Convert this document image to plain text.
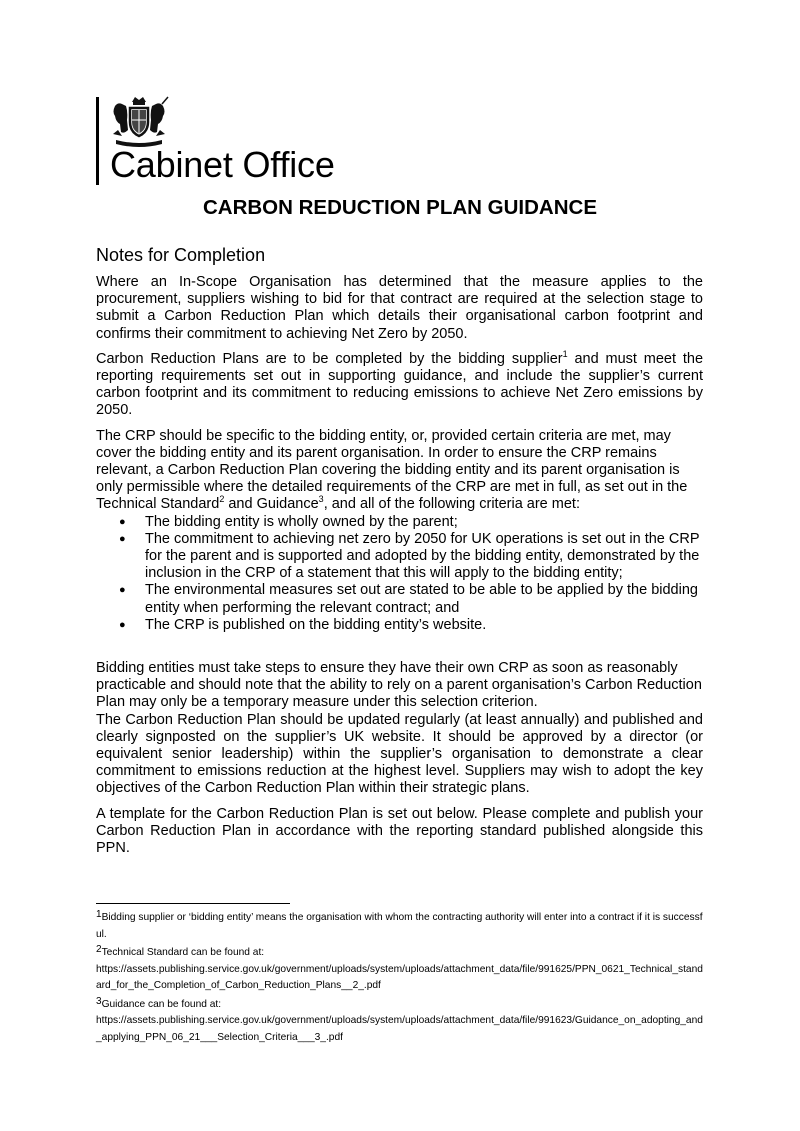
Cabinet Office
CARBON REDUCTION PLAN GUIDANCE
Notes for Completion

Where an In-Scope Organisation has determined that the measure applies to the procurement, suppliers wishing to bid for that contract are required at the selection stage to submit a Carbon Reduction Plan which details their organisational carbon footprint and confirms their commitment to achieving Net Zero by 2050.

Carbon Reduction Plans are to be completed by the bidding supplier$^1$ and must meet the reporting requirements set out in supporting guidance, and include the supplier’s current carbon footprint and its commitment to reducing emissions to achieve Net Zero emissions by 2050.

The CRP should be specific to the bidding entity, or, provided certain criteria are met, may cover the bidding entity and its parent organisation. In order to ensure the CRP remains relevant, a Carbon Reduction Plan covering the bidding entity and its parent organisation is only permissible where the detailed requirements of the CRP are met in full, as set out in the Technical Standard$^2$ and Guidance$^3$, and all of the following criteria are met:

● The bidding entity is wholly owned by the parent;
● The commitment to achieving net zero by 2050 for UK operations is set out in the CRP for the parent and is supported and adopted by the bidding entity, demonstrated by the inclusion in the CRP of a statement that this will apply to the bidding entity;
● The environmental measures set out are stated to be able to be applied by the bidding entity when performing the relevant contract; and
● The CRP is published on the bidding entity’s website.

Bidding entities must take steps to ensure they have their own CRP as soon as reasonably practicable and should note that the ability to rely on a parent organisation’s Carbon Reduction Plan may only be a temporary measure under this selection criterion.

The Carbon Reduction Plan should be updated regularly (at least annually) and published and clearly signposted on the supplier’s UK website. It should be approved by a director (or equivalent senior leadership) within the supplier’s organisation to demonstrate a clear commitment to emissions reduction at the highest level. Suppliers may wish to adopt the key objectives of the Carbon Reduction Plan within their strategic plans.

A template for the Carbon Reduction Plan is set out below. Please complete and publish your Carbon Reduction Plan in accordance with the reporting standard published alongside this PPN.

$^1$Bidding supplier or ‘bidding entity’ means the organisation with whom the contracting authority will enter into a contract if it is successful.
$^2$Technical Standard can be found at:
https://assets.publishing.service.gov.uk/government/uploads/system/uploads/attachment_data/file/991625/PPN_0621_Technical_standard_for_the_Completion_of_Carbon_Reduction_Plans__2_.pdf
$^3$Guidance can be found at:
https://assets.publishing.service.gov.uk/government/uploads/system/uploads/attachment_data/file/991623/Guidance_on_adopting_and_applying_PPN_06_21___Selection_Criteria___3_.pdf
